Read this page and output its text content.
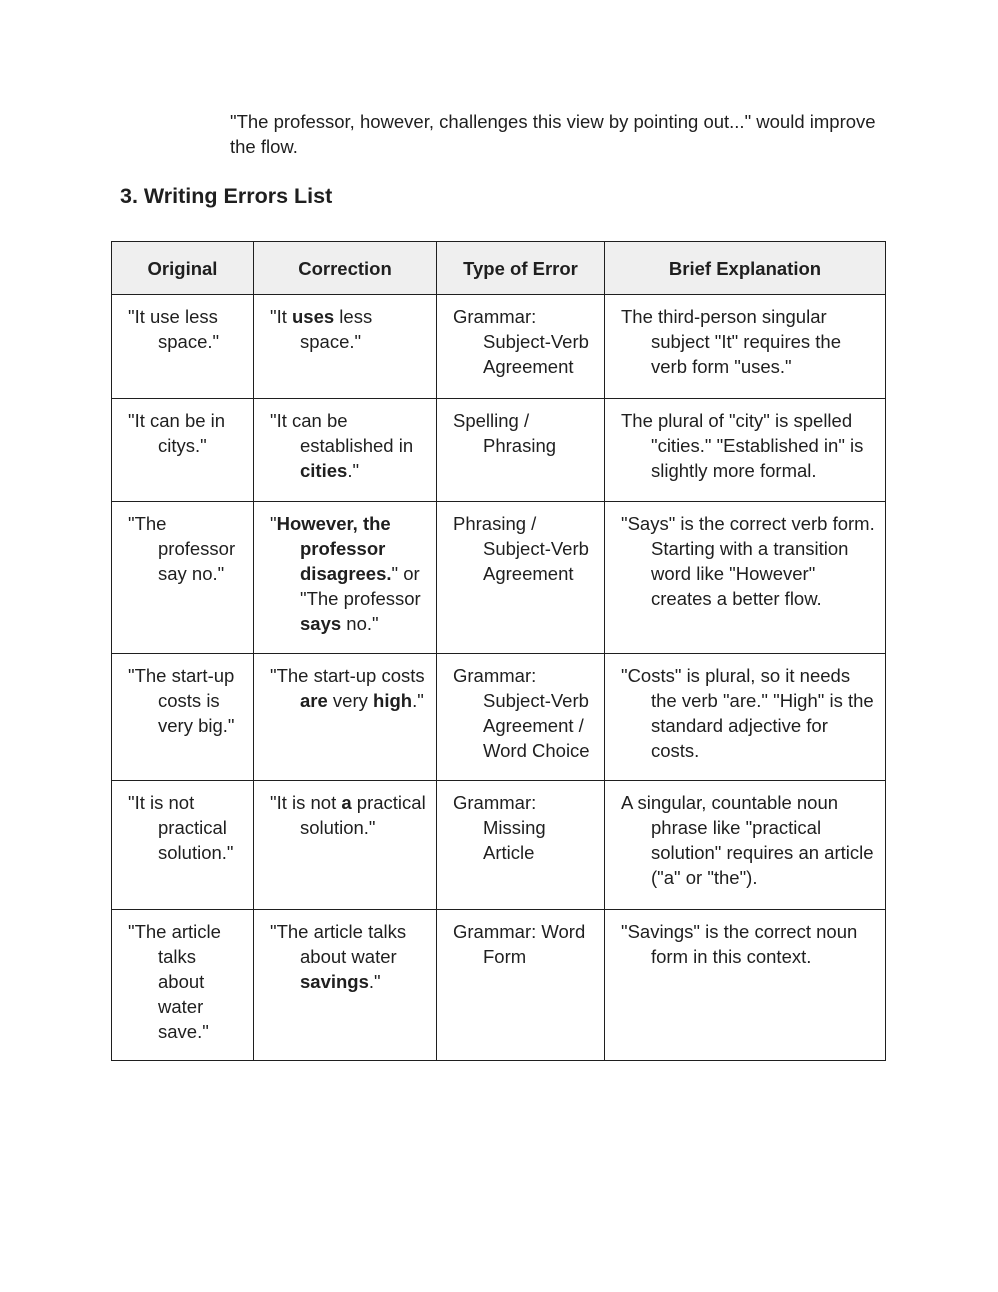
"The professor, however, challenges this view by pointing out..." would improve the flow.

3. Writing Errors List
Original	Correction	Type of Error	Brief Explanation

"It use less space."	"It uses less space."	Grammar: Subject-Verb Agreement	The third-person singular subject "It" requires the verb form "uses."

"It can be in citys."	"It can be established in cities."	Spelling / Phrasing	The plural of "city" is spelled "cities." "Established in" is slightly more formal.

"The professor say no."	"However, the professor disagrees." or "The professor says no."	Phrasing / Subject-Verb Agreement	"Says" is the correct verb form. Starting with a transition word like "However" creates a better flow.

"The start-up costs is very big."	"The start-up costs are very high."	Grammar: Subject-Verb Agreement / Word Choice	"Costs" is plural, so it needs the verb "are." "High" is the standard adjective for costs.

"It is not practical solution."	"It is not a practical solution."	Grammar: Missing Article	A singular, countable noun phrase like "practical solution" requires an article ("a" or "the").

"The article talks about water save."	"The article talks about water savings."	Grammar: Word Form	"Savings" is the correct noun form in this context.
